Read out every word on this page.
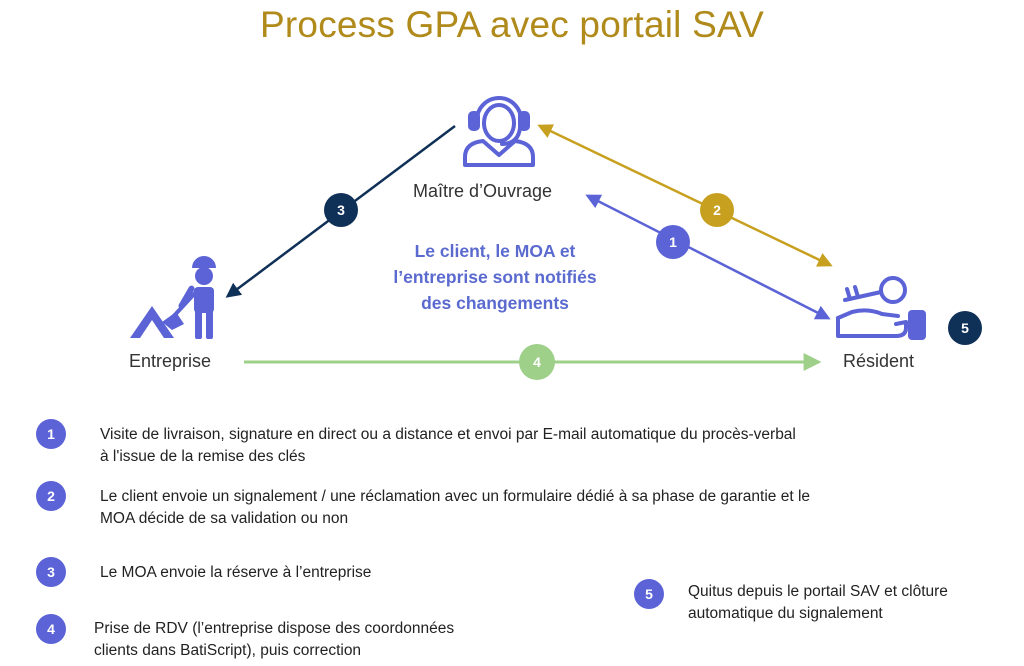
Process GPA avec portail SAV
Maître d’Ouvrage
Entreprise	Résident
Le client, le MOA et
l’entreprise sont notifiés
des changements
3	2
1
4
5
1	Visite de livraison, signature en direct ou a distance et envoi par E-mail automatique du procès-verbal
à l'issue de la remise des clés
2	Le client envoie un signalement / une réclamation avec un formulaire dédié à sa phase de garantie et le
MOA décide de sa validation ou non
3	Le MOA envoie la réserve à l’entreprise
4	Prise de RDV (l’entreprise dispose des coordonnées
clients dans BatiScript), puis correction
5	Quitus depuis le portail SAV et clôture
automatique du signalement
